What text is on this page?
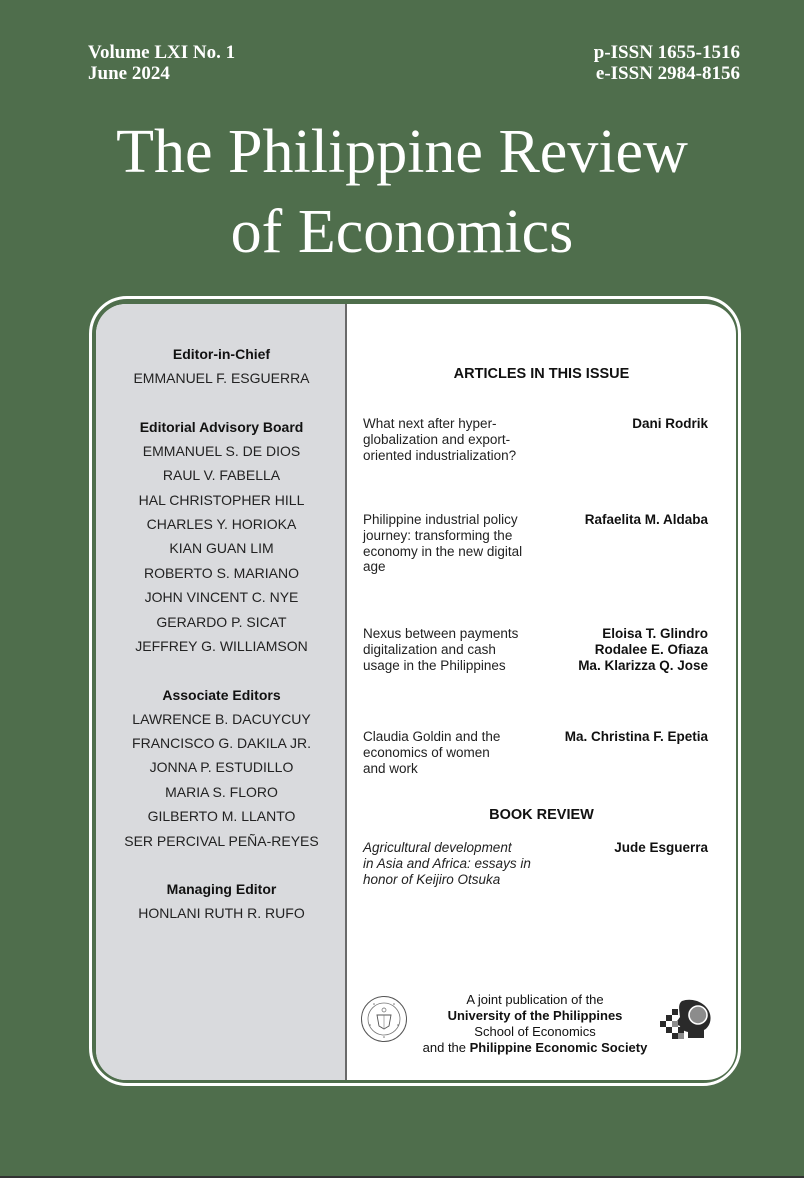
Volume LXI No. 1
June 2024
p-ISSN 1655-1516
e-ISSN 2984-8156
The Philippine Review
of Economics
Editor-in-Chief
EMMANUEL F. ESGUERRA
Editorial Advisory Board
EMMANUEL S. DE DIOS
RAUL V. FABELLA
HAL CHRISTOPHER HILL
CHARLES Y. HORIOKA
KIAN GUAN LIM
ROBERTO S. MARIANO
JOHN VINCENT C. NYE
GERARDO P. SICAT
JEFFREY G. WILLIAMSON
Associate Editors
LAWRENCE B. DACUYCUY
FRANCISCO G. DAKILA JR.
JONNA P. ESTUDILLO
MARIA S. FLORO
GILBERTO M. LLANTO
SER PERCIVAL PEÑA-REYES
Managing Editor
HONLANI RUTH R. RUFO
ARTICLES IN THIS ISSUE
What next after hyper-
globalization and export-
oriented industrialization?
Dani Rodrik
Philippine industrial policy
journey: transforming the
economy in the new digital
age
Rafaelita M. Aldaba
Nexus between payments
digitalization and cash
usage in the Philippines
Eloisa T. Glindro
Rodalee E. Ofiaza
Ma. Klarizza Q. Jose
Claudia Goldin and the
economics of women
and work
Ma. Christina F. Epetia
BOOK REVIEW
Agricultural development
in Asia and Africa: essays in
honor of Keijiro Otsuka
Jude Esguerra
A joint publication of the
University of the Philippines
School of Economics
and the Philippine Economic Society
